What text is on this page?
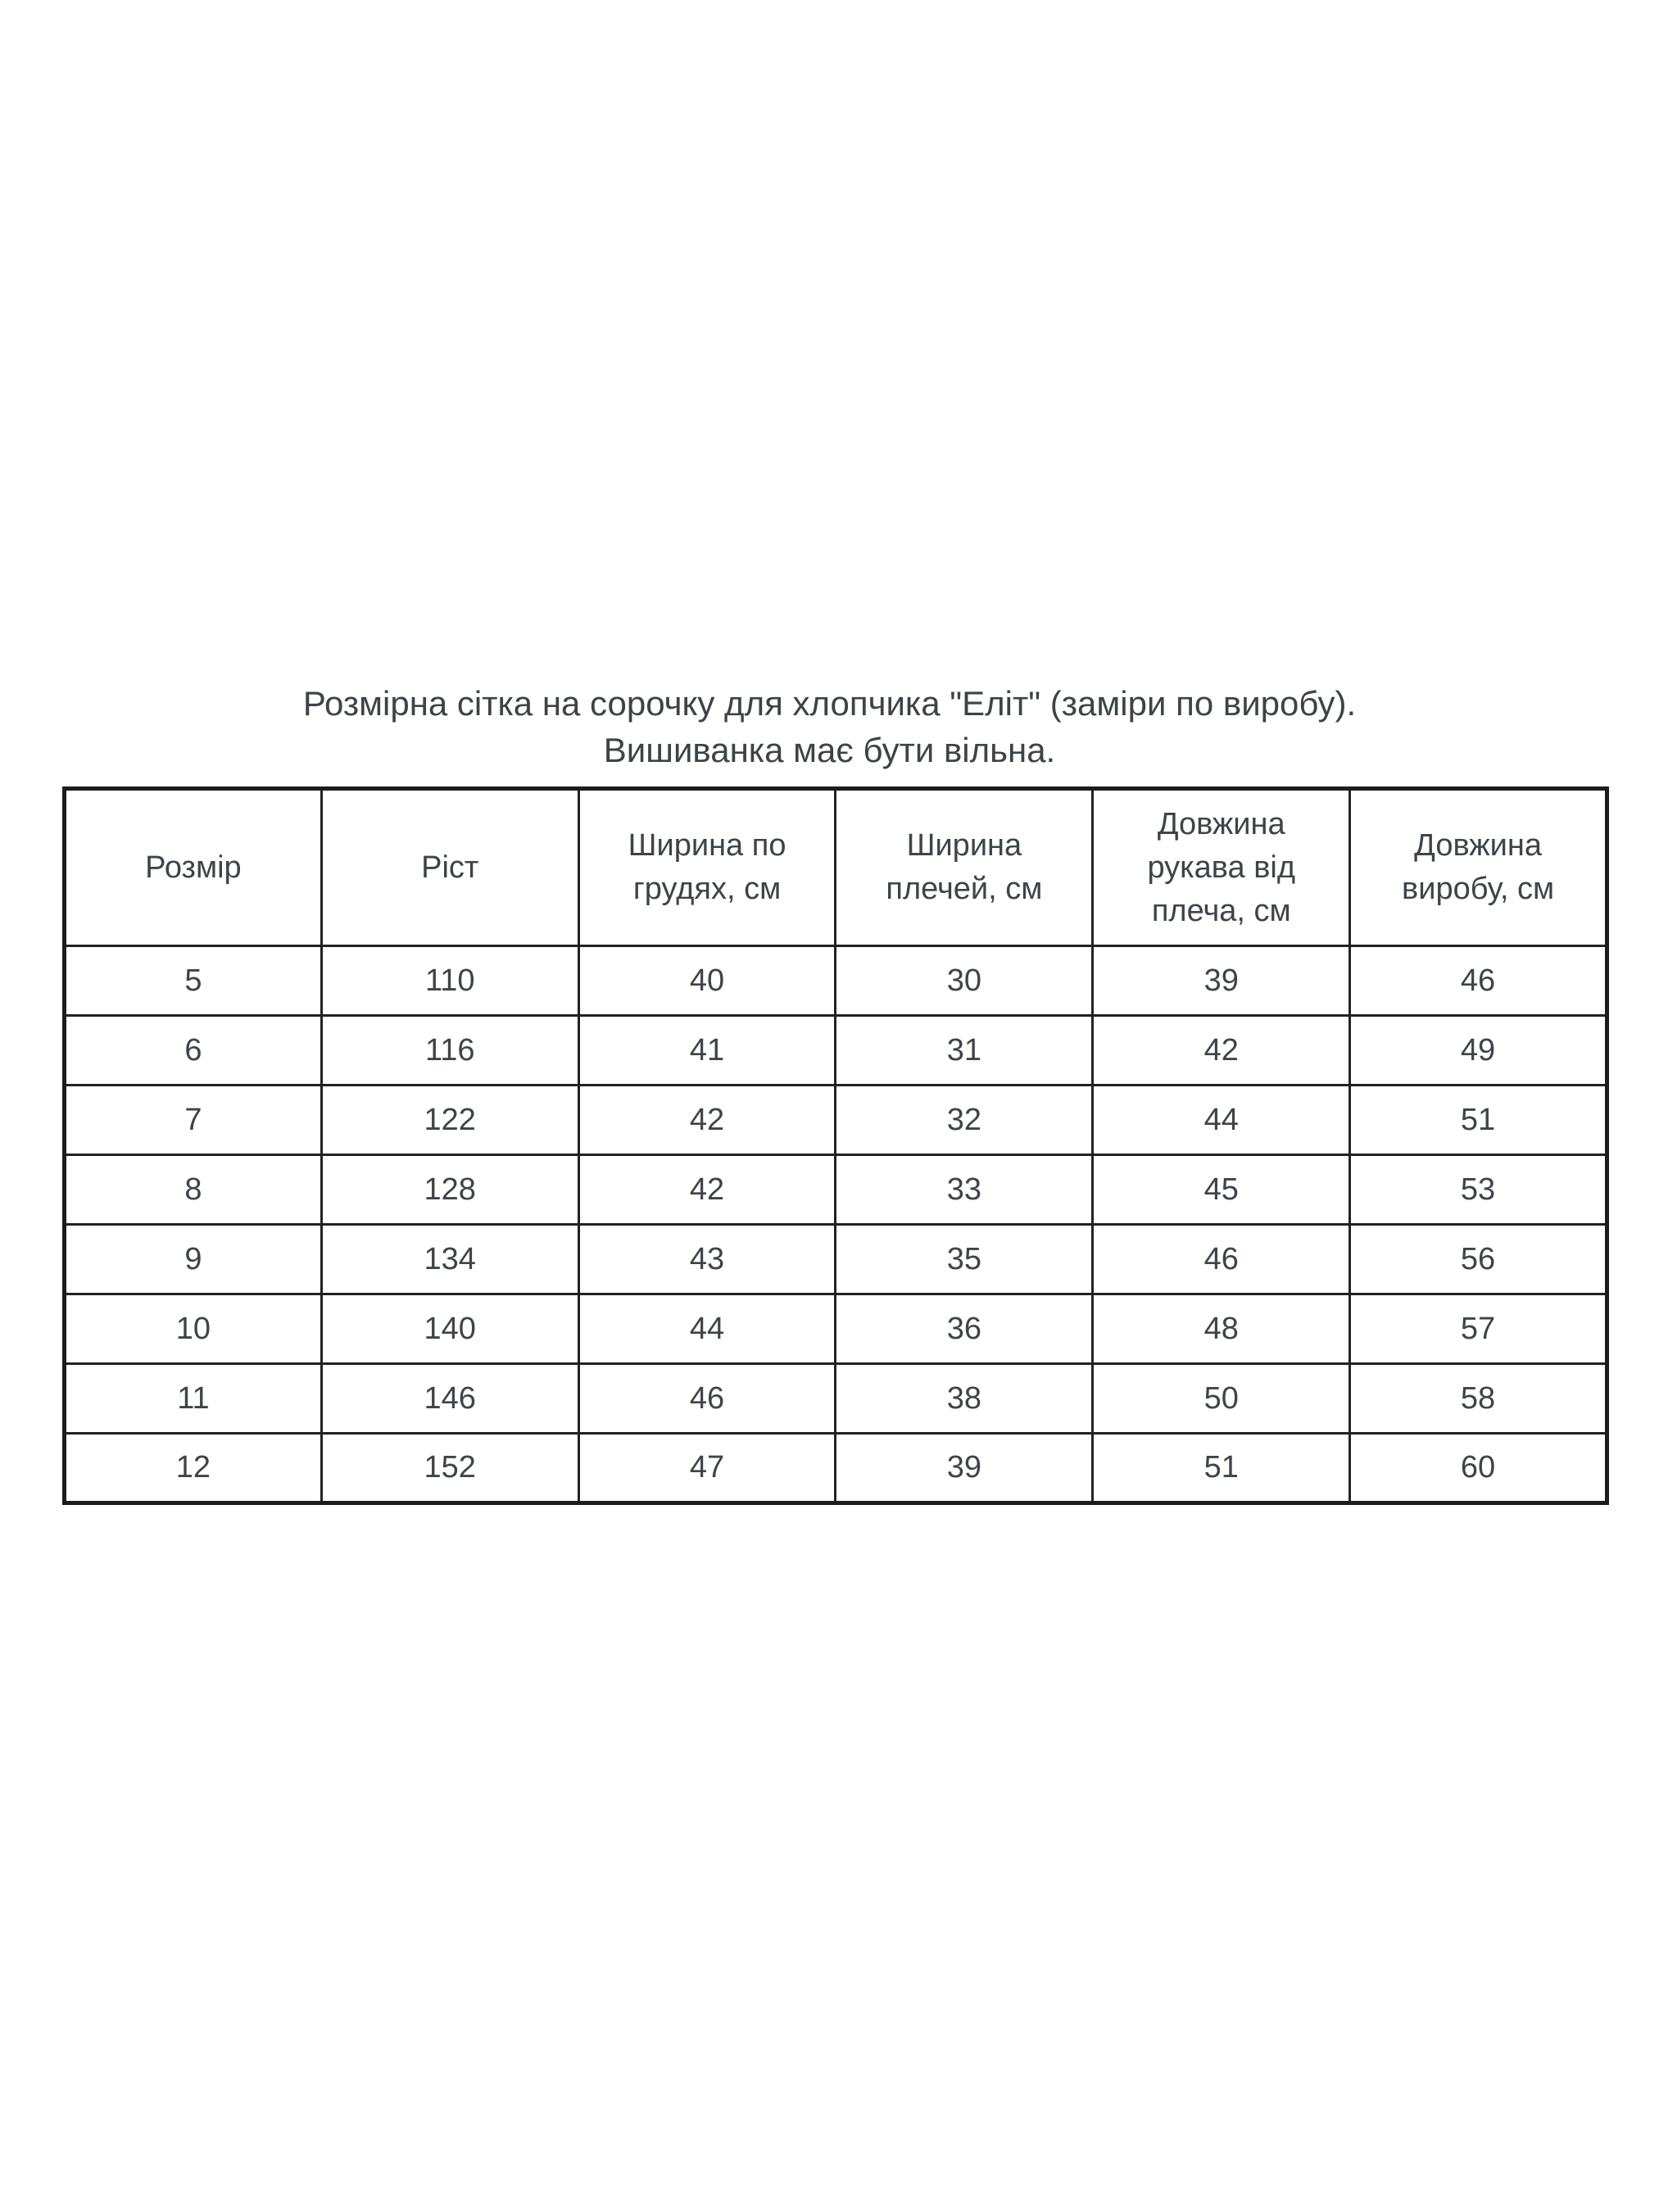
Розмірна сітка на сорочку для хлопчика "Еліт" (заміри по виробу).
Вишиванка має бути вільна.
Розмір	Ріст	Ширина по грудях, см	Ширина плечей, см	Довжина рукава від плеча, см	Довжина виробу, см
5	110	40	30	39	46
6	116	41	31	42	49
7	122	42	32	44	51
8	128	42	33	45	53
9	134	43	35	46	56
10	140	44	36	48	57
11	146	46	38	50	58
12	152	47	39	51	60
